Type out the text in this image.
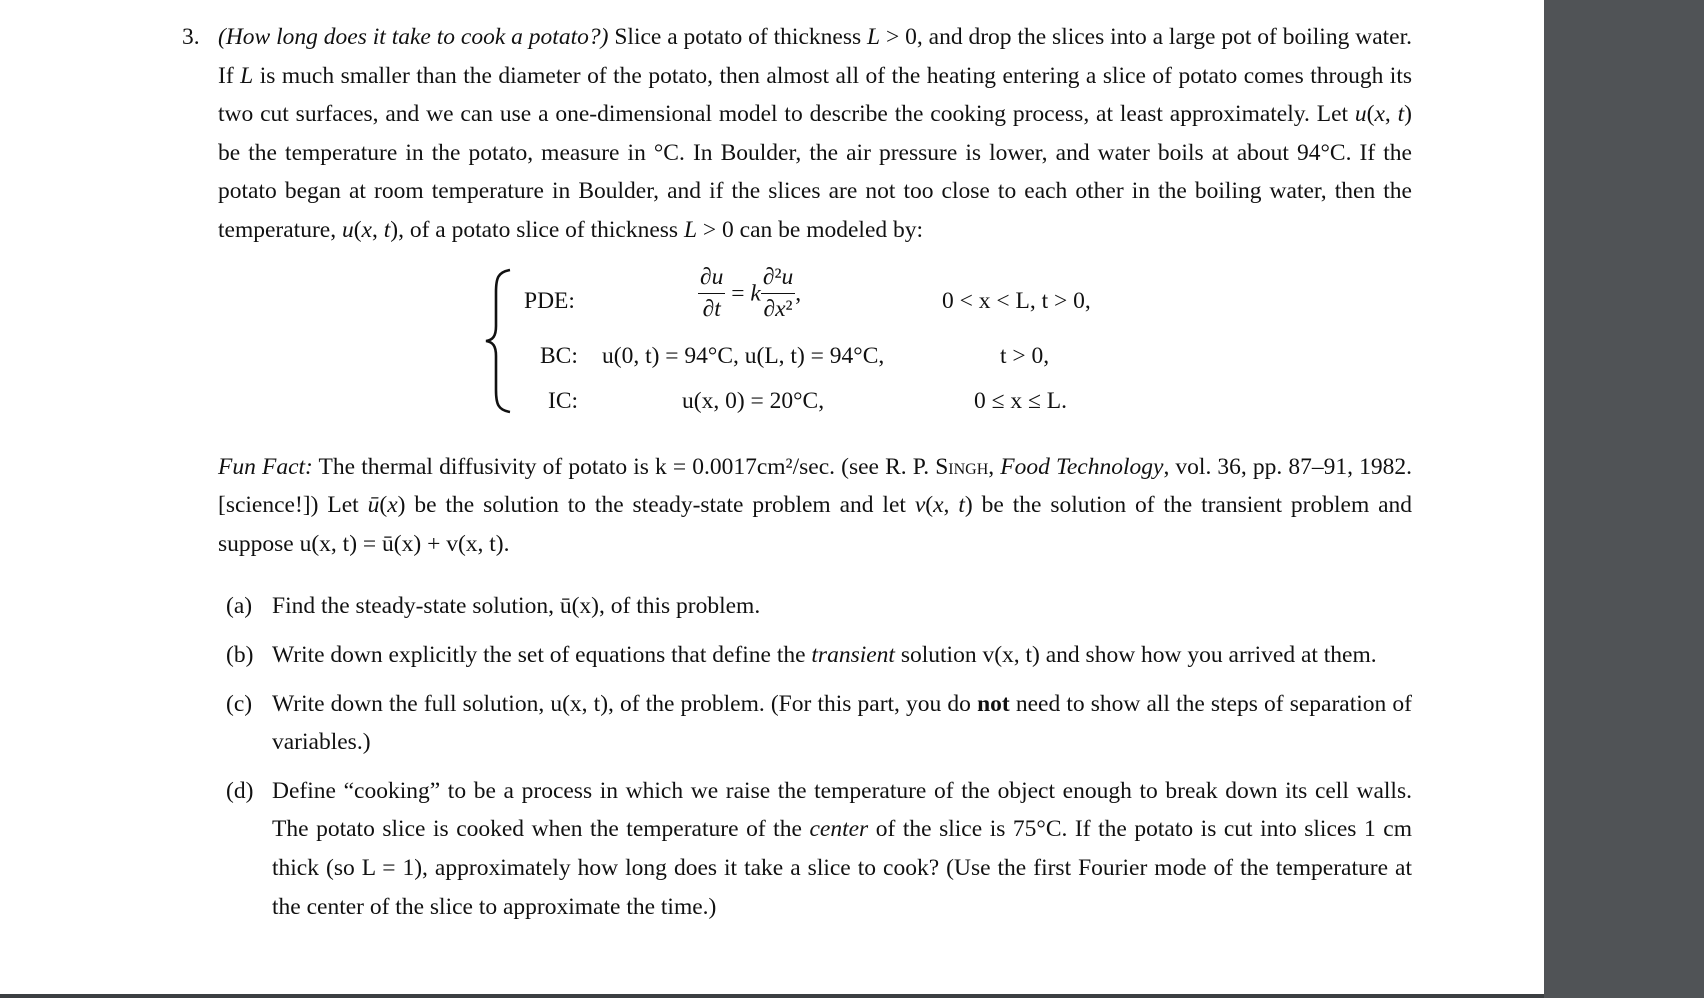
3. (How long does it take to cook a potato?) Slice a potato of thickness L > 0, and drop the slices into a large pot of boiling water. If L is much smaller than the diameter of the potato, then almost all of the heating entering a slice of potato comes through its two cut surfaces, and we can use a one-dimensional model to describe the cooking process, at least approximately. Let u(x, t) be the temperature in the potato, measure in °C. In Boulder, the air pressure is lower, and water boils at about 94°C. If the potato began at room temperature in Boulder, and if the slices are not too close to each other in the boiling water, then the temperature, u(x, t), of a potato slice of thickness L > 0 can be modeled by:

PDE:	$\frac{\partial u}{\partial t} = k \frac{\text{∂²u}}{\text{∂x²}}$ ,	0 < x < L, t > 0,
BC: u(0, t) = 94°C, u(L, t) = 94°C,	t > 0,
IC:	u(x, 0) = 20°C,	0 ≤ x ≤ L.

Fun Fact: The thermal diffusivity of potato is k = 0.0017cm²/sec. (see R. P. Singh, Food Technology, vol. 36, pp. 87–91, 1982. [science!]) Let ū(x) be the solution to the steady-state problem and let v(x, t) be the solution of the transient problem and suppose u(x, t) = ū(x) + v(x, t).

(a) Find the steady-state solution, ū(x), of this problem.

(b) Write down explicitly the set of equations that define the transient solution v(x, t) and show how you arrived at them.

(c) Write down the full solution, u(x, t), of the problem. (For this part, you do not need to show all the steps of separation of variables.)

(d) Define “cooking” to be a process in which we raise the temperature of the object enough to break down its cell walls. The potato slice is cooked when the temperature of the center of the slice is 75°C. If the potato is cut into slices 1 cm thick (so L = 1), approximately how long does it take a slice to cook? (Use the first Fourier mode of the temperature at the center of the slice to approximate the time.)
